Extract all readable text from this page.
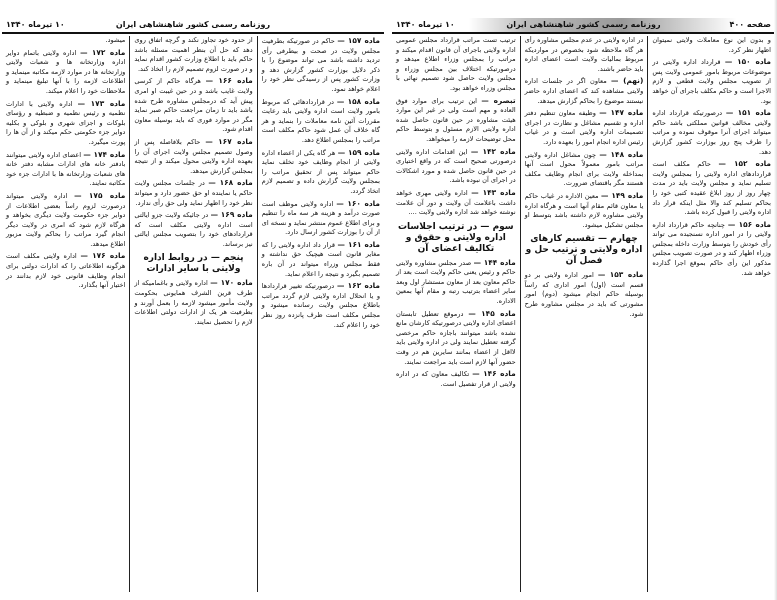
روزنامه رسمی کشور شاهنشاهی ایران
۱۰ تیرماه ۱۳۴۰

ماده ۱۵۷ — حاکم در صورتیکه بطرفیت مجلس ولایت در صحت و بیطرفی رأی تردید داشته باشد می تواند موضوع را با ذکر دلایل بوزارت کشور گزارش دهد و وزارت کشور پس از رسیدگی نظر خود را اعلام خواهد نمود.

ماده ۱۵۸ — در قراردادهائی که مربوط بامور ولایت است اداره ولایتی باید رعایت مقررات آئین نامه معاملات را بنماید و هر گاه خلاف آن عمل شود حاکم مکلف است مراتب را بمجلس اطلاع دهد.

ماده ۱۵۹ — هر گاه یکی از اعضاء اداره ولایتی از انجام وظایف خود تخلف نماید حاکم میتواند پس از تحقیق مراتب را بمجلس ولایت گزارش داده و تصمیم لازم اتخاذ گردد.

ماده ۱۶۰ — اداره ولایتی موظف است صورت درآمد و هزینه هر سه ماه را تنظیم و برای اطلاع عموم منتشر نماید و نسخه ای از آن را بوزارت کشور ارسال دارد.

ماده ۱۶۱ — قرار داد اداره ولایتی را که مغایر قانون است هیچیک حق نداشته و فقط مجلس وزراء میتواند در آن باره تصمیم بگیرد و نتیجه را اعلام نماید.

ماده ۱۶۲ — درصورتیکه تغییر قراردادها و یا انحلال اداره ولایتی لازم گردد مراتب باطلاع مجلس ولایت رسانده میشود و مجلس مکلف است ظرف پانزده روز نظر خود را اعلام کند.

از حدود خود تجاوز نکند و گرچه اتفاق روی دهد که حل آن بنظر اهمیت مسئله باشد حاکم باید با اطلاع وزارت کشور اقدام نماید و در صورت لزوم تصمیم لازم را اتخاذ کند.

ماده ۱۶۶ — هرگاه حاکم از کرسی ولایت غایب باشد و در حین غیبت او امری پیش آید که درمجلس مشاوره طرح شده باشد باید تا زمان مراجعت حاکم صبر نماید مگر در موارد فوری که باید بوسیله معاون اقدام شود.

ماده ۱۶۷ — حاکم بلافاصله پس از وصول تصمیم مجلس ولایت اجرای آن را بعهده اداره ولایتی محول میکند و از نتیجه بمجلس گزارش میدهد.

ماده ۱۶۸ — در جلسات مجلس ولایت حاکم یا نماینده او حق حضور دارد و میتواند نظر خود را اظهار نماید ولی حق رأی ندارد.

ماده ۱۶۹ — در جائیکه ولایت جزو ایالتی است اداره ولایتی مکلف است که قراردادهای خود را بتصویب مجلس ایالتی نیز برساند.

پنجم — در روابط اداره ولایتی با سایر ادارات

ماده ۱۷۰ — اداره ولایتی و باغمامیکه از طرف قرین الشرف همایونی بحکومت ولایت مأمور میشود لازمه را بعمل آورند و بطرفیت هر یک از ادارات دولتی اطلاعات لازم را تحصیل نمایند.

میشود.

ماده ۱۷۲ — اداره ولایتی باتمام دوایر اداره وزارتخانه ها و شعبات ولایتی وزارتخانه ها در موارد لازمه مکاتبه مینماید و اطلاعات لازمه را با آنها تبلیغ مینماید و ملاحظات خود را اعلام میکند.

ماده ۱۷۳ — اداره ولایتی با ادارات نظمیه و رئیس نظمیه و ضبطیه و رؤسای بلوکات و اجزای شهری و بلوکی و بکلیه دوایر جزء حکومتی حکم میکند و از آن ها را پورت میگیرد.

ماده ۱۷۴ — اعضای اداره ولایتی میتوانند بادفتر خانه های ادارات مشابه دفتر خانه های شعبات وزارتخانه ها با ادارات جزء خود مکاتبه نمایند.

ماده ۱۷۵ — اداره ولایتی میتواند درصورت لزوم راساً بعضی اطلاعات از دوایر جزء حکومت ولایت دیگری بخواهد و هرگاه لازم شود که امری در ولایت دیگر انجام گیرد مراتب را بحاکم ولایت مزبور اطلاع میدهد.

ماده ۱۷۶ — اداره ولایتی مکلف است هرگونه اطلاعاتی را که ادارات دولتی برای انجام وظایف قانونی خود لازم بدانند در اختیار آنها بگذارد.

صفحه ۴۰۰
روزنامه رسمی کشور شاهنشاهی ایران
۱۰ تیرماه ۱۳۴۰

و بدون این نوع معاملات ولایتی نمیتوان اظهار نظر کرد.

ماده ۱۵۰ — قرارداد اداره ولایتی در موضوعات مربوط بامور عمومی ولایت پس از تصویب مجلس ولایت قطعی و لازم الاجرا است و حاکم مکلف باجرای آن خواهد بود.

ماده ۱۵۱ — درصورتیکه قرارداد اداره ولایتی مخالف قوانین مملکتی باشد حاکم میتواند اجرای آنرا موقوف نموده و مراتب را ظرف پنج روز بوزارت کشور گزارش دهد.

ماده ۱۵۲ — حاکم مکلف است قراردادهای اداره ولایتی را بمجلس ولایت تسلیم نماید و مجلس ولایت باید در مدت چهار روز از روز ابلاغ عقیده کتبی خود را بحاکم تسلیم کند والا مثل اینکه قرار داد اداره ولایتی را قبول کرده باشد.

ماده ۱۵۶ — چنانچه حاکم قرارداد اداره ولایتی را در امور اداره نسنجیده می تواند رأی خودش را بتوسط وزارت داخله بمجلس وزراء اظهار کند و در صورت تصویب مجلس مذکور این رأی حاکم بموقع اجرا گذارده خواهد شد.

در اداره ولایتی در عدم مجلس مشاوره رأی هر گاه ملاحظه شود بخصوص در مواردیکه مربوط بمالیات ولایت است اعضای اداره باید حاضر باشند.

(نهم) — معاون اگر در جلسات اداره ولایتی مشاهده کند که اعضای اداره حاضر نیستند موضوع را بحاکم گزارش میدهد.

ماده ۱۴۷ — وظیفه معاون تنظیم دفتر اداره و تقسیم مشاغل و نظارت در اجرای تصمیمات اداره ولایتی است و در غیاب رئیس اداره انجام امور را بعهده دارد.

ماده ۱۴۸ — چون مشاغل اداره ولایتی مراتب بامور معمولاً محول است آنها بمداخله ولایت برای انجام وظایف مکلف هستند مگر باقتضای ضرورت.

ماده ۱۴۹ — معین الاداره در غیاب حاکم یا معاون قائم مقام آنها است و هرگاه اداره ولایتی مشاوره لازم داشته باشد بتوسط او مجلس تشکیل میشود.

چهارم — تقسیم کارهای اداره ولایتی و ترتیب حل و فصل آن

ماده ۱۵۳ — امور اداره ولایتی بر دو قسم است (اول) امور اداری که راساً بوسیله حاکم انجام میشود (دوم) امور مشورتی که باید در مجلس مشاوره طرح شود.

ترتیب تست مراتب قرارداد مجلس عمومی اداره ولایتی باجرای آن قانون اقدام میکند و مراتب را بمجلس وزراء اطلاع میدهد و درصورتیکه اختلاف بین مجلس وزراء و مجلس ولایت حاصل شود تصمیم نهائی با مجلس وزراء خواهد بود.

تبصره — این ترتیب برای موارد فوق العاده و مهم است ولی در غیر این موارد هیئت مشاوره در حین قانون حاصل شده اداره ولایتی الازم مسئول و بتوسط حاکم محل توضیحات لازمه را میخواهد.

ماده ۱۴۲ — این اقدامات اداره ولایتی درصورتی صحیح است که در واقع اختیاری در حین قانون حاصل شده و مورد اشکالات در اجرای آن نبوده باشد.

ماده ۱۴۳ — اداره ولایتی مهری خواهد داشت باعلامت آن ولایت و دور آن علامت نوشته خواهد شد اداره ولایتی ولایت ....

سوم — در ترتیب اجلاسات اداره ولایتی و حقوق و تکالیف اعضای آن

ماده ۱۴۴ — صدر مجلس مشاوره ولایتی حاکم و رئیس یعنی حاکم ولایت است بعد از حاکم معاون بعد از معاون مستشار اول وبعد سایر اعضاء بترتیب رتبه و مقام آنها بمعین الاداره.

ماده ۱۴۵ — درموقع تعطیل تابستان اعضای اداره ولایتی درصورتیکه کارشان مانع نشده باشد میتوانند باجازه حاکم مرخصی گرفته تعطیل نمایند ولی در اداره ولایتی باید لااقل از اعضاء بمانند سایرین هم در وقت حضور آنها لازم است باید مراجعت نمایند.

ماده ۱۴۶ — تکالیف معاون که در اداره ولایتی از قرار تفصیل است.
